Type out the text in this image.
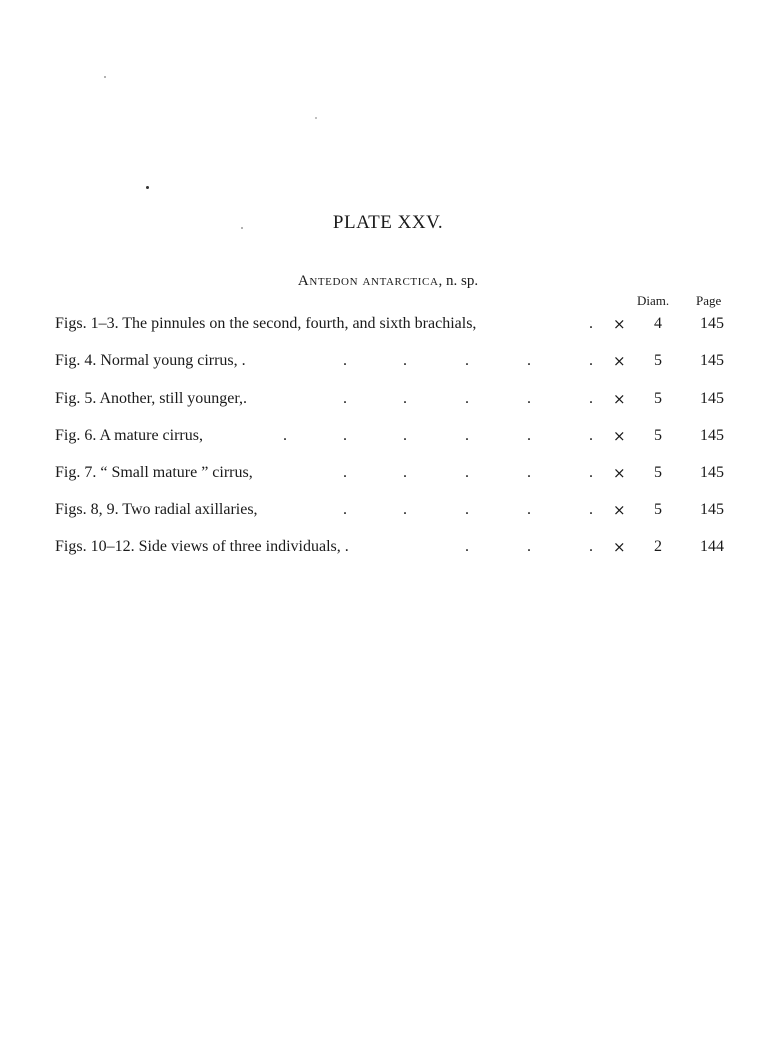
PLATE XXV.
Antedon antarctica, n. sp.
Diam. Page
Figs. 1–3. The pinnules on the second, fourth, and sixth brachials,	. × 4 145
Fig. 4. Normal young cirrus, .	.	.	.	.	. × 5 145
Fig. 5. Another, still younger,.	.	.	.	.	. × 5 145
Fig. 6. A mature cirrus,	.	.	.	.	.	. × 5 145
Fig. 7. “ Small mature ” cirrus,	.	.	.	.	. × 5 145
Figs. 8, 9. Two radial axillaries,	.	.	.	.	. × 5 145
Figs. 10–12. Side views of three individuals, .	.	.	. × 2 144
